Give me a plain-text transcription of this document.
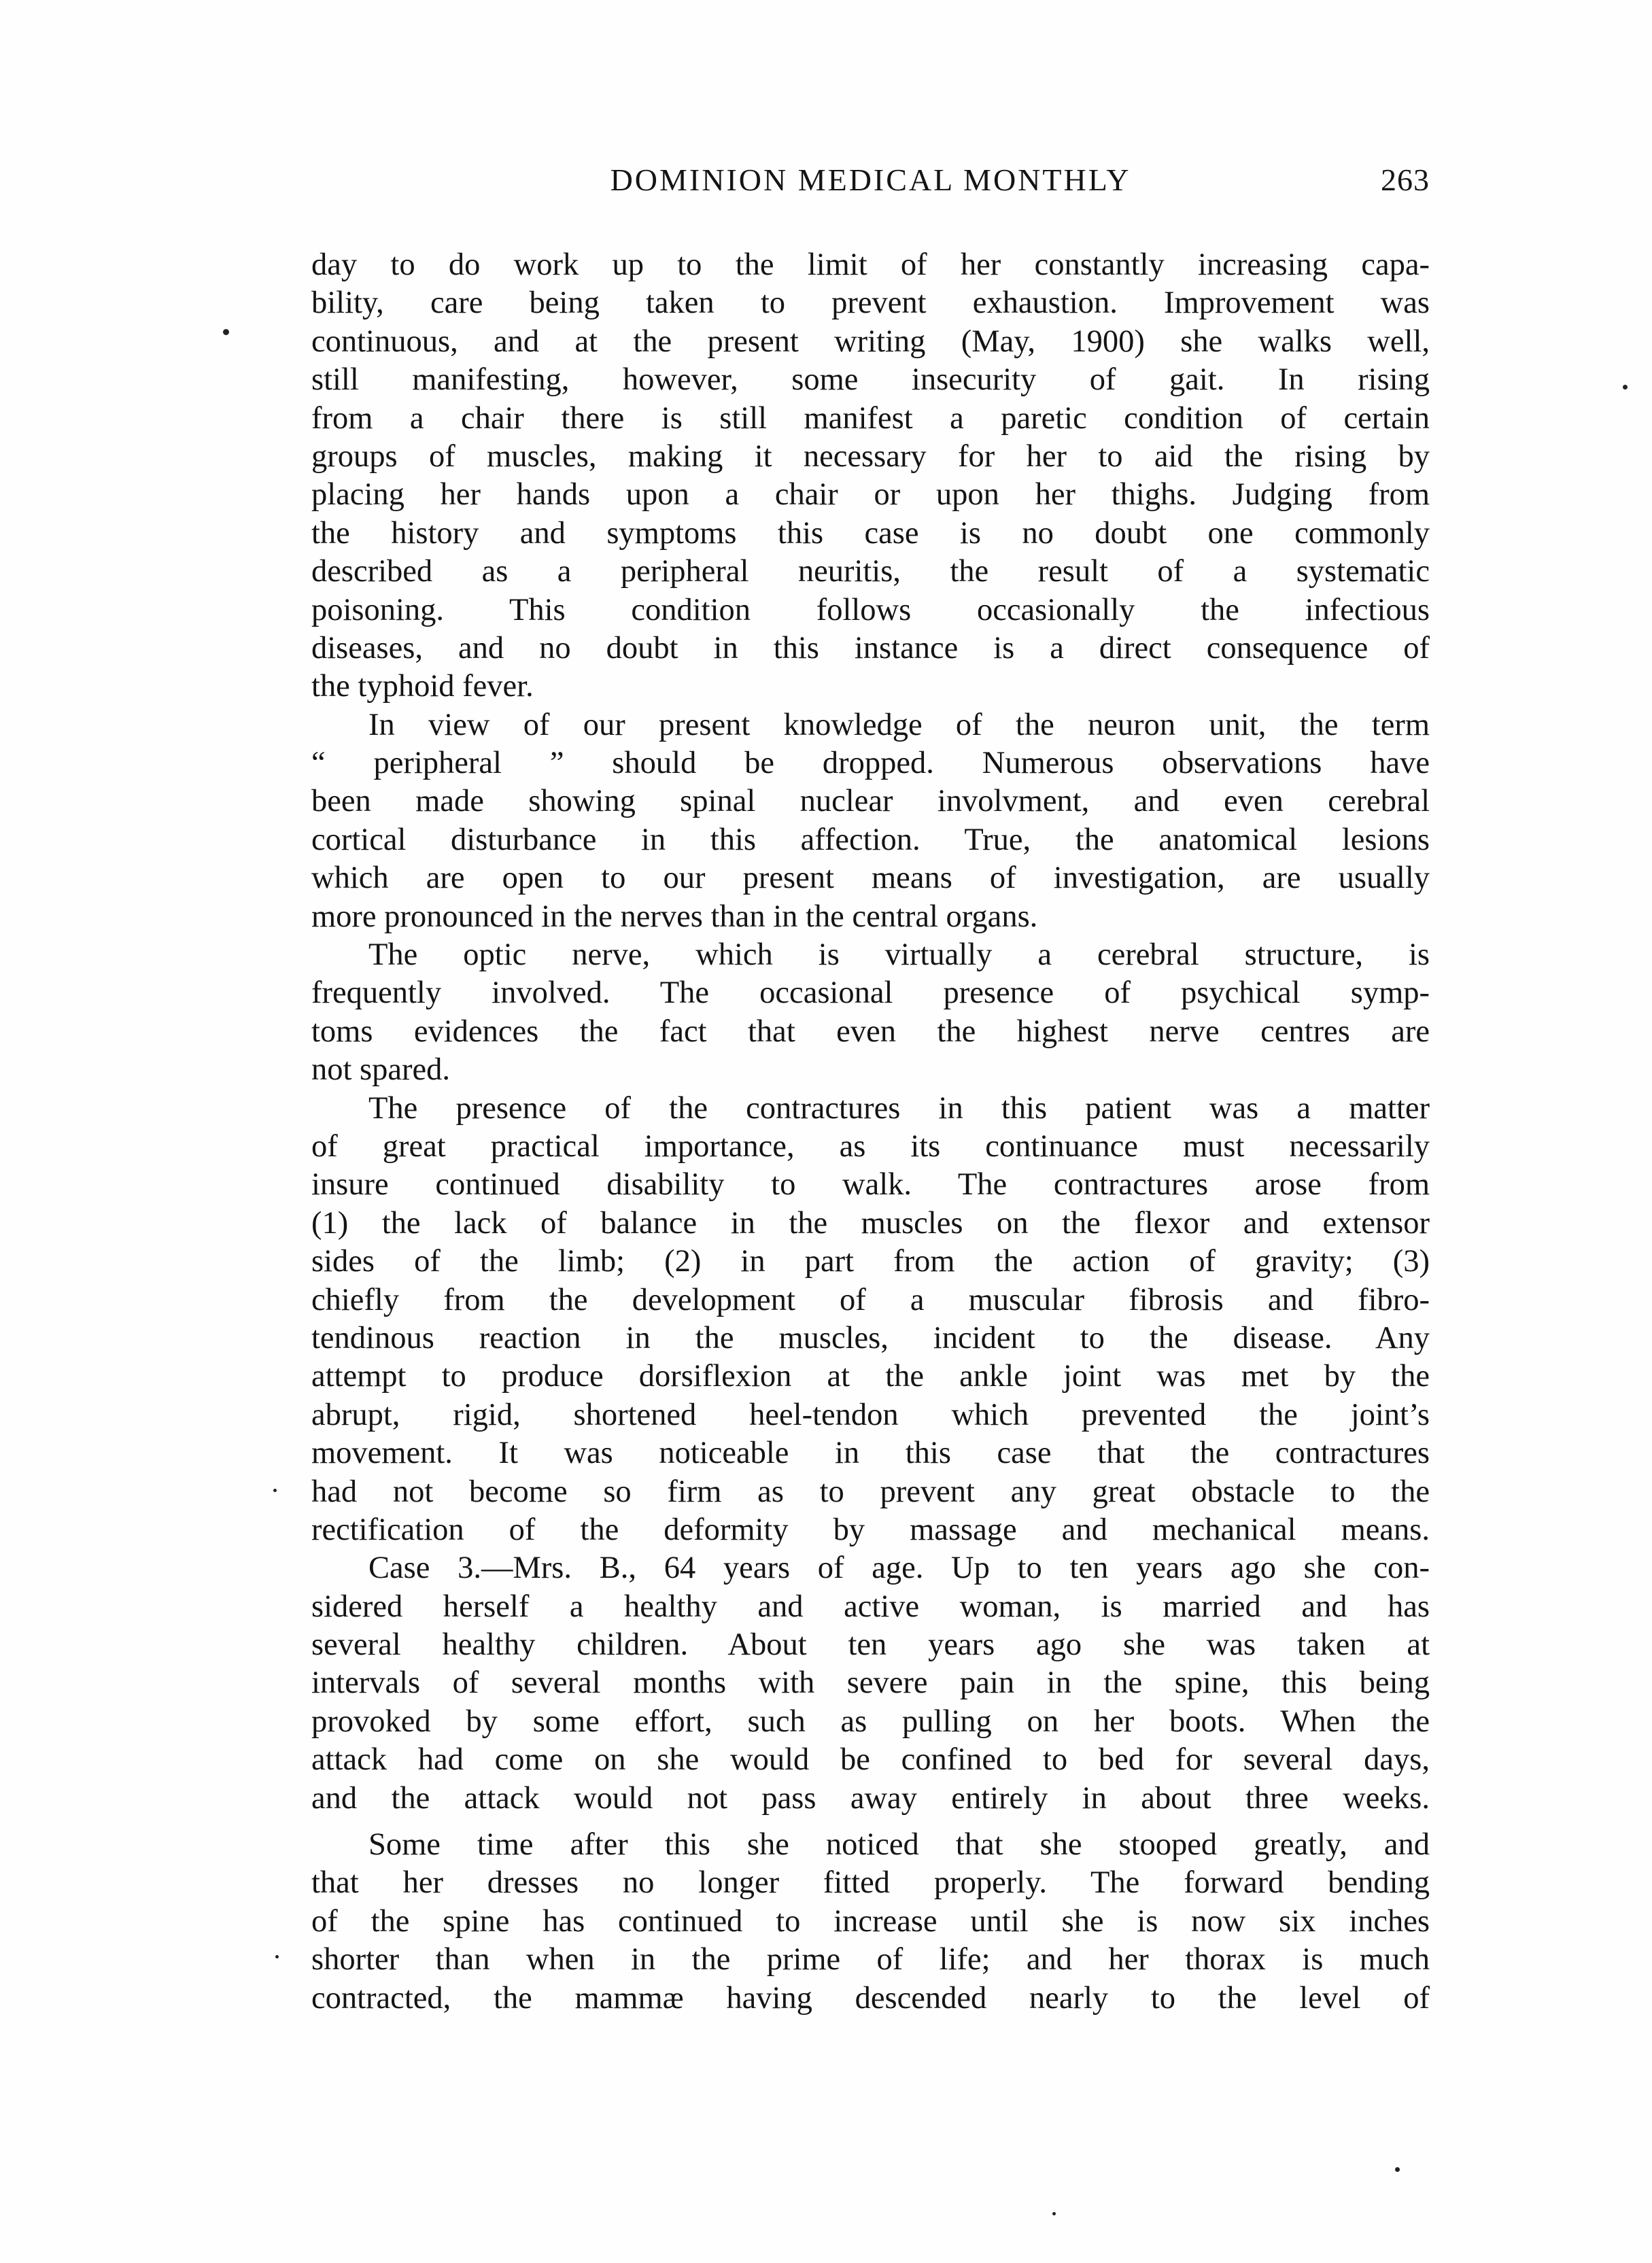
DOMINION MEDICAL MONTHLY	263
day to do work up to the limit of her constantly increasing capa-
bility, care being taken to prevent exhaustion. Improvement was
continuous, and at the present writing (May, 1900) she walks well,
still manifesting, however, some insecurity of gait. In rising
from a chair there is still manifest a paretic condition of certain
groups of muscles, making it necessary for her to aid the rising by
placing her hands upon a chair or upon her thighs. Judging from
the history and symptoms this case is no doubt one commonly
described as a peripheral neuritis, the result of a systematic
poisoning. This condition follows occasionally the infectious
diseases, and no doubt in this instance is a direct consequence of
the typhoid fever.
In view of our present knowledge of the neuron unit, the term
“ peripheral ” should be dropped. Numerous observations have
been made showing spinal nuclear involvment, and even cerebral
cortical disturbance in this affection. True, the anatomical lesions
which are open to our present means of investigation, are usually
more pronounced in the nerves than in the central organs.
The optic nerve, which is virtually a cerebral structure, is
frequently involved. The occasional presence of psychical symp-
toms evidences the fact that even the highest nerve centres are
not spared.
The presence of the contractures in this patient was a matter
of great practical importance, as its continuance must necessarily
insure continued disability to walk. The contractures arose from
(1) the lack of balance in the muscles on the flexor and extensor
sides of the limb; (2) in part from the action of gravity; (3)
chiefly from the development of a muscular fibrosis and fibro-
tendinous reaction in the muscles, incident to the disease. Any
attempt to produce dorsiflexion at the ankle joint was met by the
abrupt, rigid, shortened heel-tendon which prevented the joint’s
movement. It was noticeable in this case that the contractures
had not become so firm as to prevent any great obstacle to the
rectification of the deformity by massage and mechanical means.
Case 3.—Mrs. B., 64 years of age. Up to ten years ago she con-
sidered herself a healthy and active woman, is married and has
several healthy children. About ten years ago she was taken at
intervals of several months with severe pain in the spine, this being
provoked by some effort, such as pulling on her boots. When the
attack had come on she would be confined to bed for several days,
and the attack would not pass away entirely in about three weeks.
Some time after this she noticed that she stooped greatly, and
that her dresses no longer fitted properly. The forward bending
of the spine has continued to increase until she is now six inches
shorter than when in the prime of life; and her thorax is much
contracted, the mammæ having descended nearly to the level of
